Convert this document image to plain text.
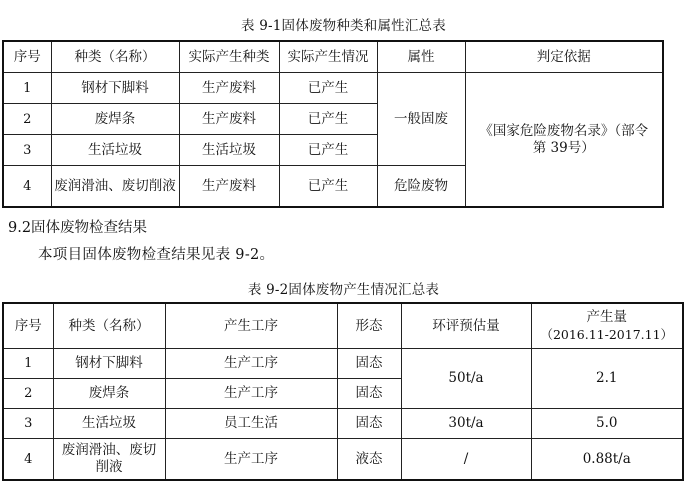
表 9-1固体废物种类和属性汇总表
序号	种类（名称）	实际产生种类	实际产生情况	属性	判定依据
1	钢材下脚料	生产废料	已产生	一般固废	《国家危险废物名录》（部令第 39号）
2	废焊条	生产废料	已产生		
3	生活垃圾	生活垃圾	已产生		
4	废润滑油、废切削液	生产废料	已产生	危险废物	
9.2固体废物检查结果
本项目固体废物检查结果见表 9-2。
表 9-2固体废物产生情况汇总表
序号	种类（名称）	产生工序	形态	环评预估量	产生量
（2016.11-2017.11）

1	钢材下脚料	生产工序	固态	50t/a	2.1
2	废焊条	生产工序	固态		
3	生活垃圾	员工生活	固态	30t/a	5.0
4	废润滑油、废切削液	生产工序	液态	/	0.88t/a
